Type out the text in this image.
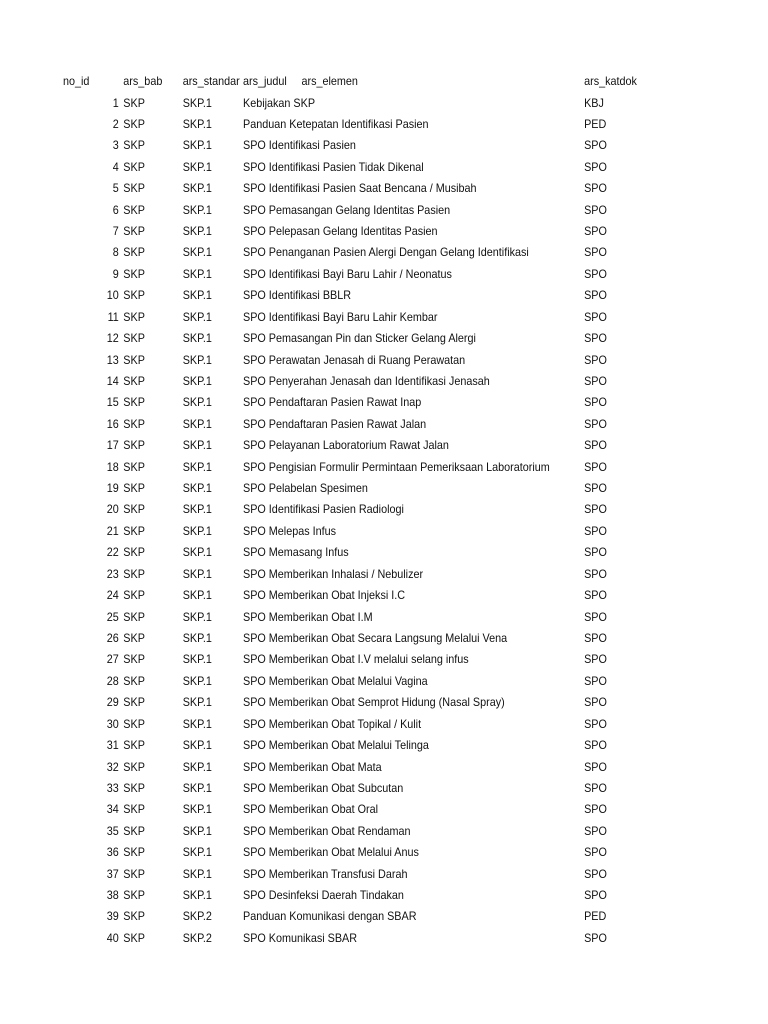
no_id	ars_bab ars_standar ars_judul ars_elemen	ars_katdok
1 SKP	SKP.1	Kebijakan SKP	KBJ
2 SKP	SKP.1	Panduan Ketepatan Identifikasi Pasien	PED
3 SKP	SKP.1	SPO Identifikasi Pasien	SPO
4 SKP	SKP.1	SPO Identifikasi Pasien Tidak Dikenal	SPO
5 SKP	SKP.1	SPO Identifikasi Pasien Saat Bencana / Musibah	SPO
6 SKP	SKP.1	SPO Pemasangan Gelang Identitas Pasien	SPO
7 SKP	SKP.1	SPO Pelepasan Gelang Identitas Pasien	SPO
8 SKP	SKP.1	SPO Penanganan Pasien Alergi Dengan Gelang Identifikasi	SPO
9 SKP	SKP.1	SPO Identifikasi Bayi Baru Lahir / Neonatus	SPO
10 SKP	SKP.1	SPO Identifikasi BBLR	SPO
11 SKP	SKP.1	SPO Identifikasi Bayi Baru Lahir Kembar	SPO
12 SKP	SKP.1	SPO Pemasangan Pin dan Sticker Gelang Alergi	SPO
13 SKP	SKP.1	SPO Perawatan Jenasah di Ruang Perawatan	SPO
14 SKP	SKP.1	SPO Penyerahan Jenasah dan Identifikasi Jenasah	SPO
15 SKP	SKP.1	SPO Pendaftaran Pasien Rawat Inap	SPO
16 SKP	SKP.1	SPO Pendaftaran Pasien Rawat Jalan	SPO
17 SKP	SKP.1	SPO Pelayanan Laboratorium Rawat Jalan	SPO
18 SKP	SKP.1	SPO Pengisian Formulir Permintaan Pemeriksaan Laboratorium	SPO
19 SKP	SKP.1	SPO Pelabelan Spesimen	SPO
20 SKP	SKP.1	SPO Identifikasi Pasien Radiologi	SPO
21 SKP	SKP.1	SPO Melepas Infus	SPO
22 SKP	SKP.1	SPO Memasang Infus	SPO
23 SKP	SKP.1	SPO Memberikan Inhalasi / Nebulizer	SPO
24 SKP	SKP.1	SPO Memberikan Obat Injeksi I.C	SPO
25 SKP	SKP.1	SPO Memberikan Obat I.M	SPO
26 SKP	SKP.1	SPO Memberikan Obat Secara Langsung Melalui Vena	SPO
27 SKP	SKP.1	SPO Memberikan Obat I.V melalui selang infus	SPO
28 SKP	SKP.1	SPO Memberikan Obat Melalui Vagina	SPO
29 SKP	SKP.1	SPO Memberikan Obat Semprot Hidung (Nasal Spray)	SPO
30 SKP	SKP.1	SPO Memberikan Obat Topikal / Kulit	SPO
31 SKP	SKP.1	SPO Memberikan Obat Melalui Telinga	SPO
32 SKP	SKP.1	SPO Memberikan Obat Mata	SPO
33 SKP	SKP.1	SPO Memberikan Obat Subcutan	SPO
34 SKP	SKP.1	SPO Memberikan Obat Oral	SPO
35 SKP	SKP.1	SPO Memberikan Obat Rendaman	SPO
36 SKP	SKP.1	SPO Memberikan Obat Melalui Anus	SPO
37 SKP	SKP.1	SPO Memberikan Transfusi Darah	SPO
38 SKP	SKP.1	SPO Desinfeksi Daerah Tindakan	SPO
39 SKP	SKP.2	Panduan Komunikasi dengan SBAR	PED
40 SKP	SKP.2	SPO Komunikasi SBAR	SPO
